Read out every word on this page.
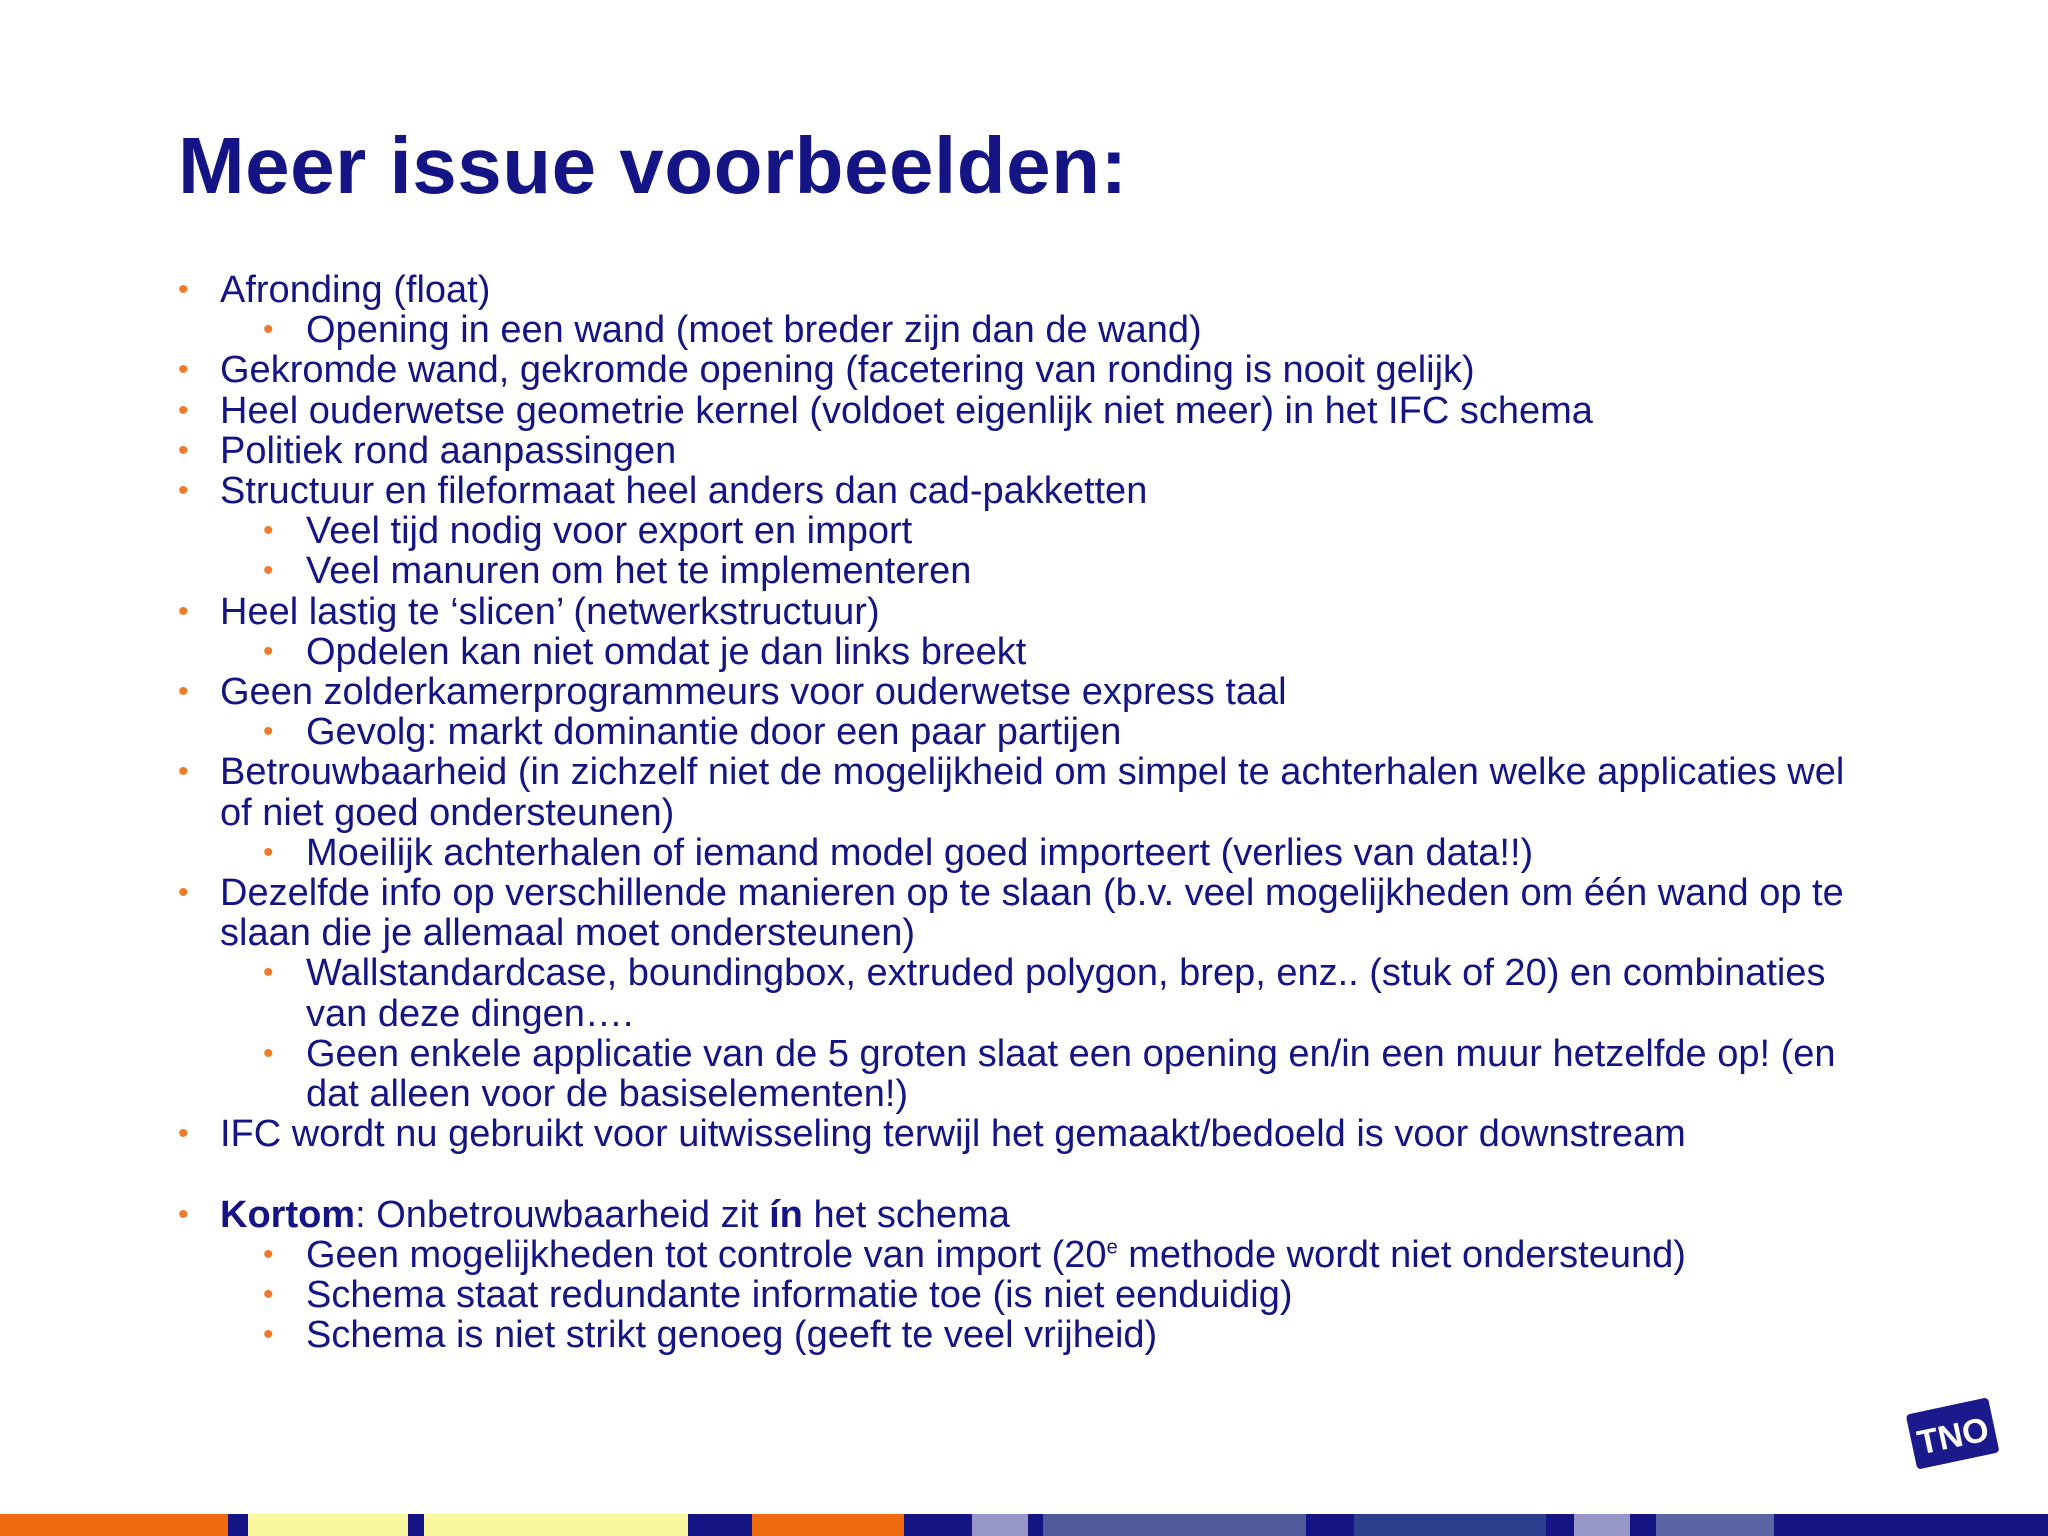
Meer issue voorbeelden:
• Afronding (float)
• Opening in een wand (moet breder zijn dan de wand)
• Gekromde wand, gekromde opening (facetering van ronding is nooit gelijk)
• Heel ouderwetse geometrie kernel (voldoet eigenlijk niet meer) in het IFC schema
• Politiek rond aanpassingen
• Structuur en fileformaat heel anders dan cad-pakketten
• Veel tijd nodig voor export en import
• Veel manuren om het te implementeren
• Heel lastig te ‘slicen’ (netwerkstructuur)
• Opdelen kan niet omdat je dan links breekt
• Geen zolderkamerprogrammeurs voor ouderwetse express taal
• Gevolg: markt dominantie door een paar partijen
• Betrouwbaarheid (in zichzelf niet de mogelijkheid om simpel te achterhalen welke applicaties wel of niet goed ondersteunen)
• Moeilijk achterhalen of iemand model goed importeert (verlies van data!!)
• Dezelfde info op verschillende manieren op te slaan (b.v. veel mogelijkheden om één wand op te slaan die je allemaal moet ondersteunen)
• Wallstandardcase, boundingbox, extruded polygon, brep, enz.. (stuk of 20) en combinaties van deze dingen….
• Geen enkele applicatie van de 5 groten slaat een opening en/in een muur hetzelfde op! (en dat alleen voor de basiselementen!)
• IFC wordt nu gebruikt voor uitwisseling terwijl het gemaakt/bedoeld is voor downstream
• Kortom: Onbetrouwbaarheid zit ín het schema
• Geen mogelijkheden tot controle van import (20e methode wordt niet ondersteund)
• Schema staat redundante informatie toe (is niet eenduidig)
• Schema is niet strikt genoeg (geeft te veel vrijheid)
TNO
